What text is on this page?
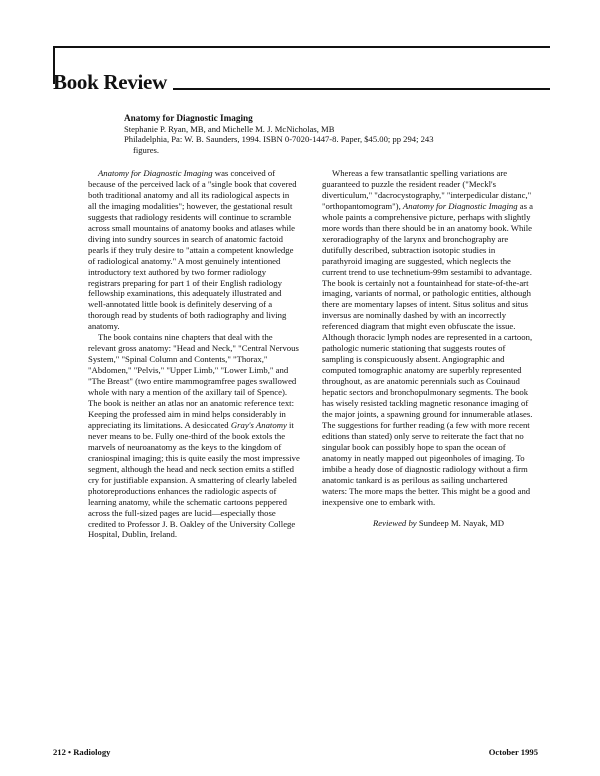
Book Review
Anatomy for Diagnostic Imaging
Stephanie P. Ryan, MB, and Michelle M. J. McNicholas, MB
Philadelphia, Pa: W. B. Saunders, 1994. ISBN 0-7020-1447-8. Paper, $45.00; pp 294; 243
figures.

Anatomy for Diagnostic Imaging was conceived of because of the perceived lack of a "single book that covered both traditional anatomy and all its radiological aspects in all the imaging modalities"; however, the gestational result suggests that radiology residents will continue to scramble across small mountains of anatomy books and atlases while diving into sundry sources in search of anatomic factoid pearls if they truly desire to "attain a competent knowledge of radiological anatomy." A most genuinely intentioned introductory text authored by two former radiology registrars preparing for part 1 of their English radiology fellowship examinations, this adequately illustrated and well-annotated little book is definitely deserving of a thorough read by students of both radiography and living anatomy.

The book contains nine chapters that deal with the relevant gross anatomy: "Head and Neck," "Central Nervous System," "Spinal Column and Contents," "Thorax," "Abdomen," "Pelvis," "Upper Limb," "Lower Limb," and "The Breast" (two entire mammogramfree pages swallowed whole with nary a mention of the axillary tail of Spence). The book is neither an atlas nor an anatomic reference text: Keeping the professed aim in mind helps considerably in appreciating its limitations. A desiccated Gray's Anatomy it never means to be. Fully one-third of the book extols the marvels of neuroanatomy as the keys to the kingdom of craniospinal imaging; this is quite easily the most impressive segment, although the head and neck section emits a stifled cry for justifiable expansion. A smattering of clearly labeled photoreproductions enhances the radiologic aspects of learning anatomy, while the schematic cartoons peppered across the full-sized pages are lucid—especially those credited to Professor J. B. Oakley of the University College Hospital, Dublin, Ireland.

Whereas a few transatlantic spelling variations are guaranteed to puzzle the resident reader ("Meckl's diverticulum," "dacrocystography," "interpedicular distanc," "orthopantomogram"), Anatomy for Diagnostic Imaging as a whole paints a comprehensive picture, perhaps with slightly more words than there should be in an anatomy book. While xeroradiography of the larynx and bronchography are dutifully described, subtraction isotopic studies in parathyroid imaging are suggested, which neglects the current trend to use technetium-99m sestamibi to advantage. The book is certainly not a fountainhead for state-of-the-art imaging, variants of normal, or pathologic entities, although there are momentary lapses of intent. Situs solitus and situs inversus are nominally dashed by with an incorrectly referenced diagram that might even obfuscate the issue. Although thoracic lymph nodes are represented in a cartoon, pathologic numeric stationing that suggests routes of sampling is conspicuously absent. Angiographic and computed tomographic anatomy are superbly represented throughout, as are anatomic perennials such as Couinaud hepatic sectors and bronchopulmonary segments. The book has wisely resisted tackling magnetic resonance imaging of the major joints, a spawning ground for innumerable atlases. The suggestions for further reading (a few with more recent editions than stated) only serve to reiterate the fact that no singular book can possibly hope to span the ocean of anatomy in neatly mapped out pigeonholes of imaging. To imbibe a heady dose of diagnostic radiology without a firm anatomic tankard is as perilous as sailing unchartered waters: The more maps the better. This might be a good and inexpensive one to embark with.

Reviewed by Sundeep M. Nayak, MD
212 • Radiology	October 1995
